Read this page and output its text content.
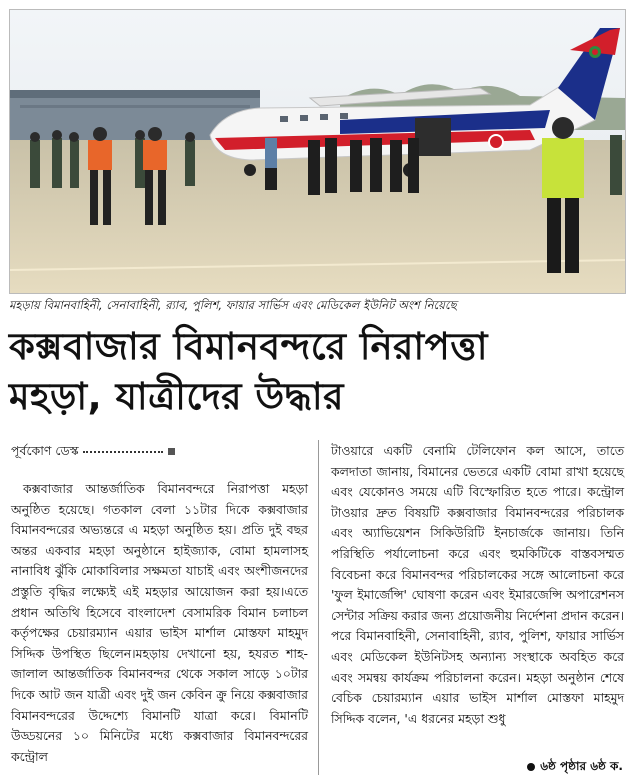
মহড়ায় বিমানবাহিনী, সেনাবাহিনী, র‍্যাব, পুলিশ, ফায়ার সার্ভিস এবং মেডিকেল ইউনিট অংশ নিয়েছে
কক্সবাজার বিমানবন্দরে নিরাপত্তা
মহড়া, যাত্রীদের উদ্ধার
পূর্বকোণ ডেস্ক

কক্সবাজার আন্তর্জাতিক বিমানবন্দরে নিরাপত্তা মহড়া অনুষ্ঠিত হয়েছে। গতকাল বেলা ১১টার দিকে কক্সবাজার বিমানবন্দরের অভ্যন্তরে এ মহড়া অনুষ্ঠিত হয়। প্রতি দুই বছর অন্তর একবার মহড়া অনুষ্ঠানে হাইজ্যাক, বোমা হামলাসহ নানাবিধ ঝুঁকি মোকাবিলার সক্ষমতা যাচাই এবং অংশীজনদের প্রস্তুতি বৃদ্ধির লক্ষ্যেই এই মহড়ার আয়োজন করা হয়।এতে প্রধান অতিথি হিসেবে বাংলাদেশ বেসামরিক বিমান চলাচল কর্তৃপক্ষের চেয়ারম্যান এয়ার ভাইস মার্শাল মোস্তফা মাহমুদ সিদ্দিক উপস্থিত ছিলেন।মহড়ায় দেখানো হয়, হযরত শাহ-জালাল আন্তর্জাতিক বিমানবন্দর থেকে সকাল সাড়ে ১০টার দিকে আট জন যাত্রী এবং দুই জন কেবিন ক্রু নিয়ে কক্সবাজার বিমানবন্দরের উদ্দেশ্যে বিমানটি যাত্রা করে। বিমানটি উড্ডয়নের ১০ মিনিটের মধ্যে কক্সবাজার বিমানবন্দরের কন্ট্রোল

টাওয়ারে একটি বেনামি টেলিফোন কল আসে, তাতে কলদাতা জানায়, বিমানের ভেতরে একটি বোমা রাখা হয়েছে এবং যেকোনও সময়ে এটি বিস্ফোরিত হতে পারে। কন্ট্রোল টাওয়ার দ্রুত বিষয়টি কক্সবাজার বিমানবন্দরের পরিচালক এবং অ্যাভিয়েশন সিকিউরিটি ইনচার্জকে জানায়। তিনি পরিস্থিতি পর্যালোচনা করে এবং হুমকিটিকে বাস্তবসম্মত বিবেচনা করে বিমানবন্দর পরিচালকের সঙ্গে আলোচনা করে 'ফুল ইমার্জেন্সি' ঘোষণা করেন এবং ইমারজেন্সি অপারেশনস সেন্টার সক্রিয় করার জন্য প্রয়োজনীয় নির্দেশনা প্রদান করেন। পরে বিমানবাহিনী, সেনাবাহিনী, র‍্যাব, পুলিশ, ফায়ার সার্ভিস এবং মেডিকেল ইউনিটসহ অন্যান্য সংস্থাকে অবহিত করে এবং সমন্বয় কার্যক্রম পরিচালনা করেন। মহড়া অনুষ্ঠান শেষে বেচিক চেয়ারম্যান এয়ার ভাইস মার্শাল মোস্তফা মাহমুদ সিদ্দিক বলেন, 'এ ধরনের মহড়া শুধু

৬ষ্ঠ পৃষ্ঠার ৬ষ্ঠ ক.
